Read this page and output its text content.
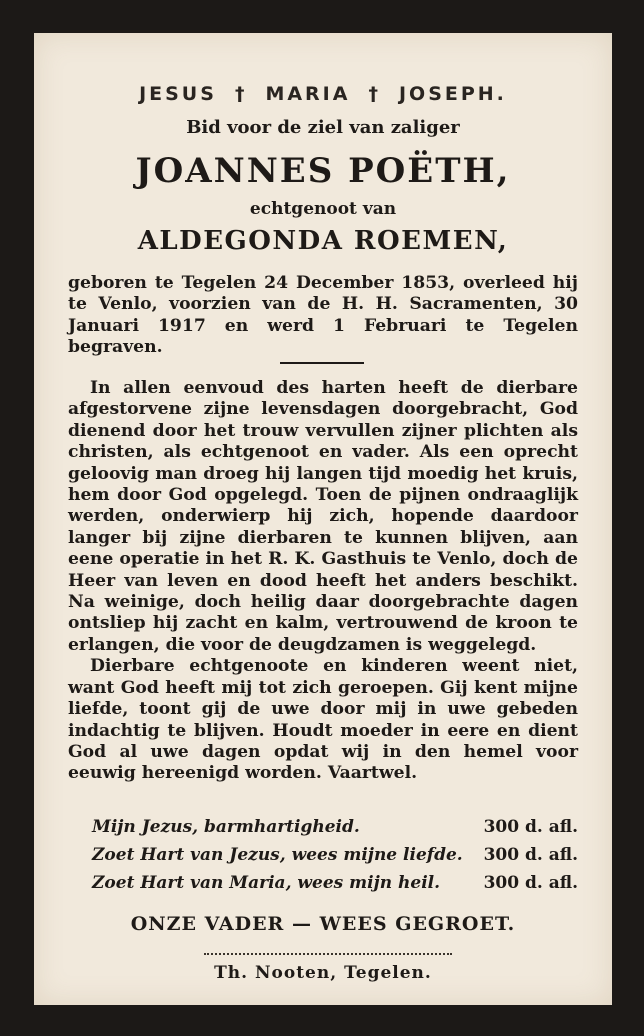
JESUS † MARIA † JOSEPH.
Bid voor de ziel van zaliger
JOANNES POËTH,
echtgenoot van
ALDEGONDA ROEMEN,
geboren te Tegelen 24 December 1853, overleed hij te Venlo, voorzien van de H. H. Sacramenten, 30 Januari 1917 en werd 1 Februari te Tegelen begraven.
In allen eenvoud des harten heeft de dierbare afgestorvene zijne levensdagen doorgebracht, God dienend door het trouw vervullen zijner plichten als christen, als echtgenoot en vader. Als een oprecht geloovig man droeg hij langen tijd moedig het kruis, hem door God opgelegd. Toen de pijnen ondraaglijk werden, onderwierp hij zich, hopende daardoor langer bij zijne dierbaren te kunnen blijven, aan eene operatie in het R. K. Gasthuis te Venlo, doch de Heer van leven en dood heeft het anders beschikt. Na weinige, doch heilig daar doorgebrachte dagen ontsliep hij zacht en kalm, vertrouwend de kroon te erlangen, die voor de deugdzamen is weggelegd.
Dierbare echtgenoote en kinderen weent niet, want God heeft mij tot zich geroepen. Gij kent mijne liefde, toont gij de uwe door mij in uwe gebeden indachtig te blijven. Houdt moeder in eere en dient God al uwe dagen opdat wij in den hemel voor eeuwig hereenigd worden. Vaartwel.
Mijn Jezus, barmhartigheid.	300 d. afl.
Zoet Hart van Jezus, wees mijne liefde. 300 d. afl.
Zoet Hart van Maria, wees mijn heil.	300 d. afl.
ONZE VADER — WEES GEGROET.
Th. Nooten, Tegelen.
